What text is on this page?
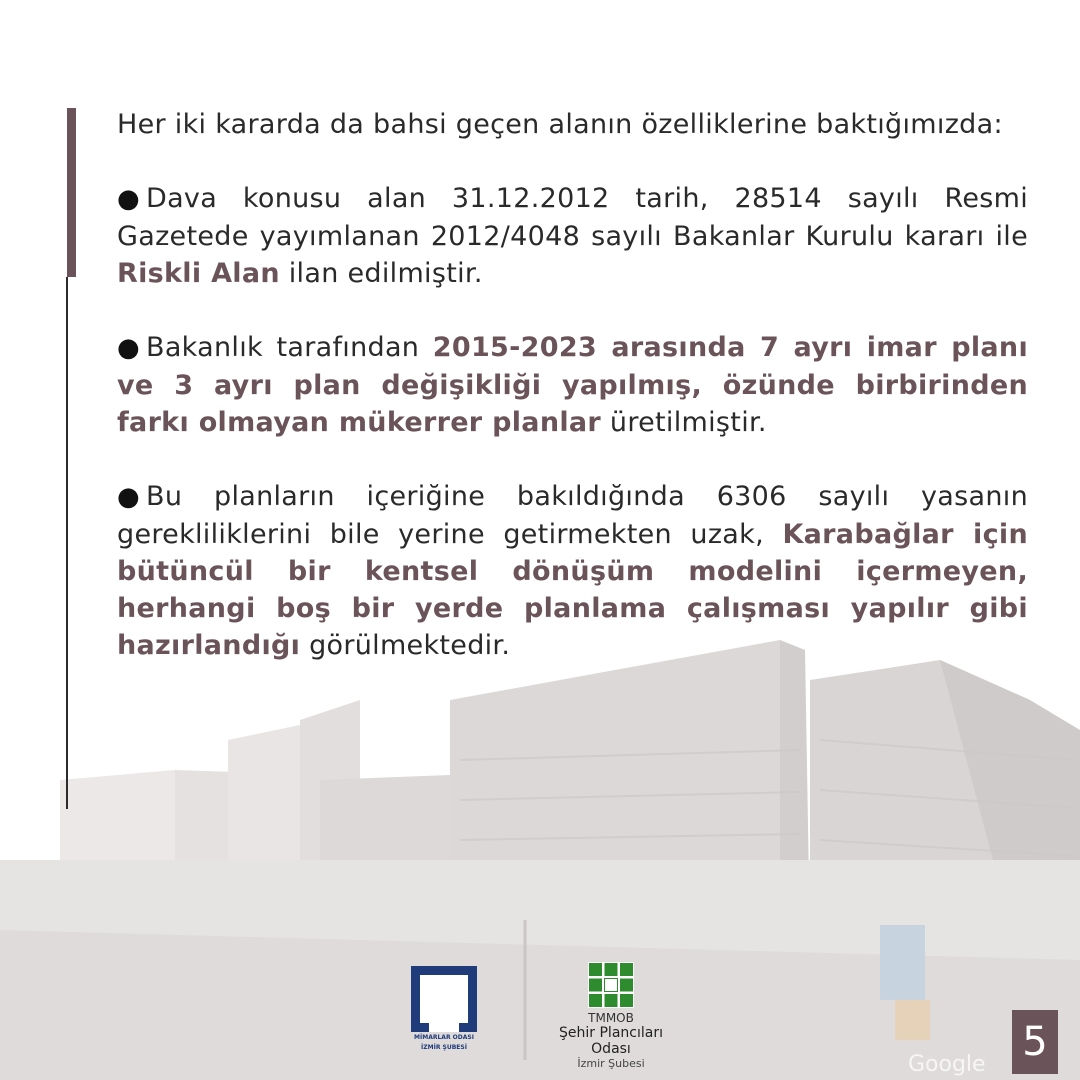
Her iki kararda da bahsi geçen alanın özelliklerine baktığımızda:

● Dava konusu alan 31.12.2012 tarih, 28514 sayılı Resmi Gazetede yayımlanan 2012/4048 sayılı Bakanlar Kurulu kararı ile Riskli Alan ilan edilmiştir.

● Bakanlık tarafından 2015-2023 arasında 7 ayrı imar planı ve 3 ayrı plan değişikliği yapılmış, özünde birbirinden farkı olmayan mükerrer planlar üretilmiştir.

● Bu planların içeriğine bakıldığında 6306 sayılı yasanın gerekliliklerini bile yerine getirmekten uzak, Karabağlar için bütüncül bir kentsel dönüşüm modelini içermeyen, herhangi boş bir yerde planlama çalışması yapılır gibi hazırlandığı görülmektedir.

MİMARLAR ODASI
İZMİR ŞUBESİ
TMMOB
Şehir Plancıları Odası
İzmir Şubesi	Google 5
